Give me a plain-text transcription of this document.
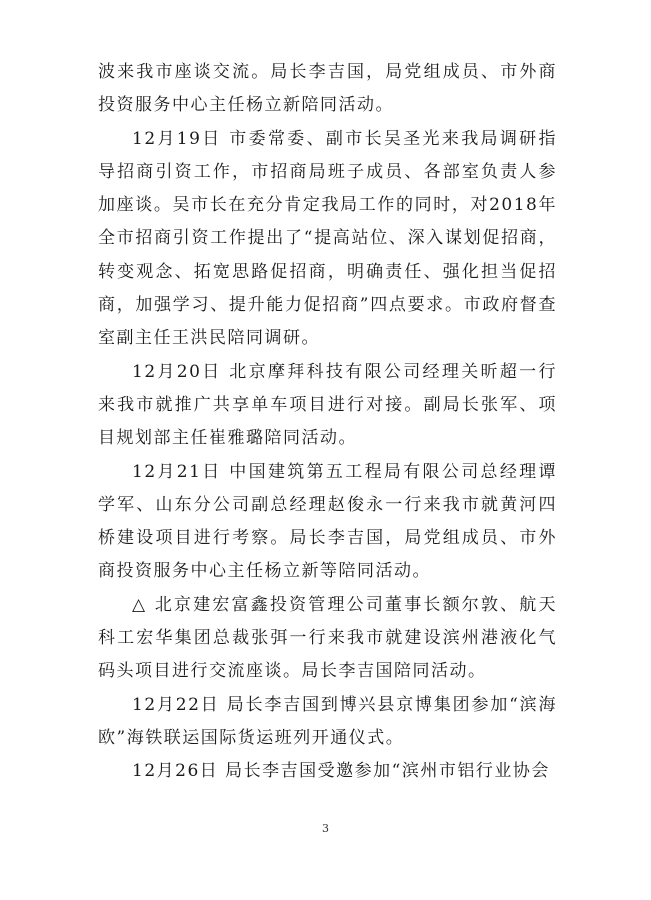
波来我市座谈交流。局长李吉国，局党组成员、市外商投资服务中心主任杨立新陪同活动。

12月19日 市委常委、副市长吴圣光来我局调研指导招商引资工作，市招商局班子成员、各部室负责人参加座谈。吴市长在充分肯定我局工作的同时，对2018年全市招商引资工作提出了“提高站位、深入谋划促招商，转变观念、拓宽思路促招商，明确责任、强化担当促招商，加强学习、提升能力促招商”四点要求。市政府督查室副主任王洪民陪同调研。

12月20日 北京摩拜科技有限公司经理关昕超一行来我市就推广共享单车项目进行对接。副局长张军、项目规划部主任崔雅璐陪同活动。

12月21日 中国建筑第五工程局有限公司总经理谭学军、山东分公司副总经理赵俊永一行来我市就黄河四桥建设项目进行考察。局长李吉国，局党组成员、市外商投资服务中心主任杨立新等陪同活动。

△ 北京建宏富鑫投资管理公司董事长额尔敦、航天科工宏华集团总裁张弭一行来我市就建设滨州港液化气码头项目进行交流座谈。局长李吉国陪同活动。

12月22日 局长李吉国到博兴县京博集团参加“滨海欧”海铁联运国际货运班列开通仪式。

12月26日 局长李吉国受邀参加“滨州市铝行业协会

3
